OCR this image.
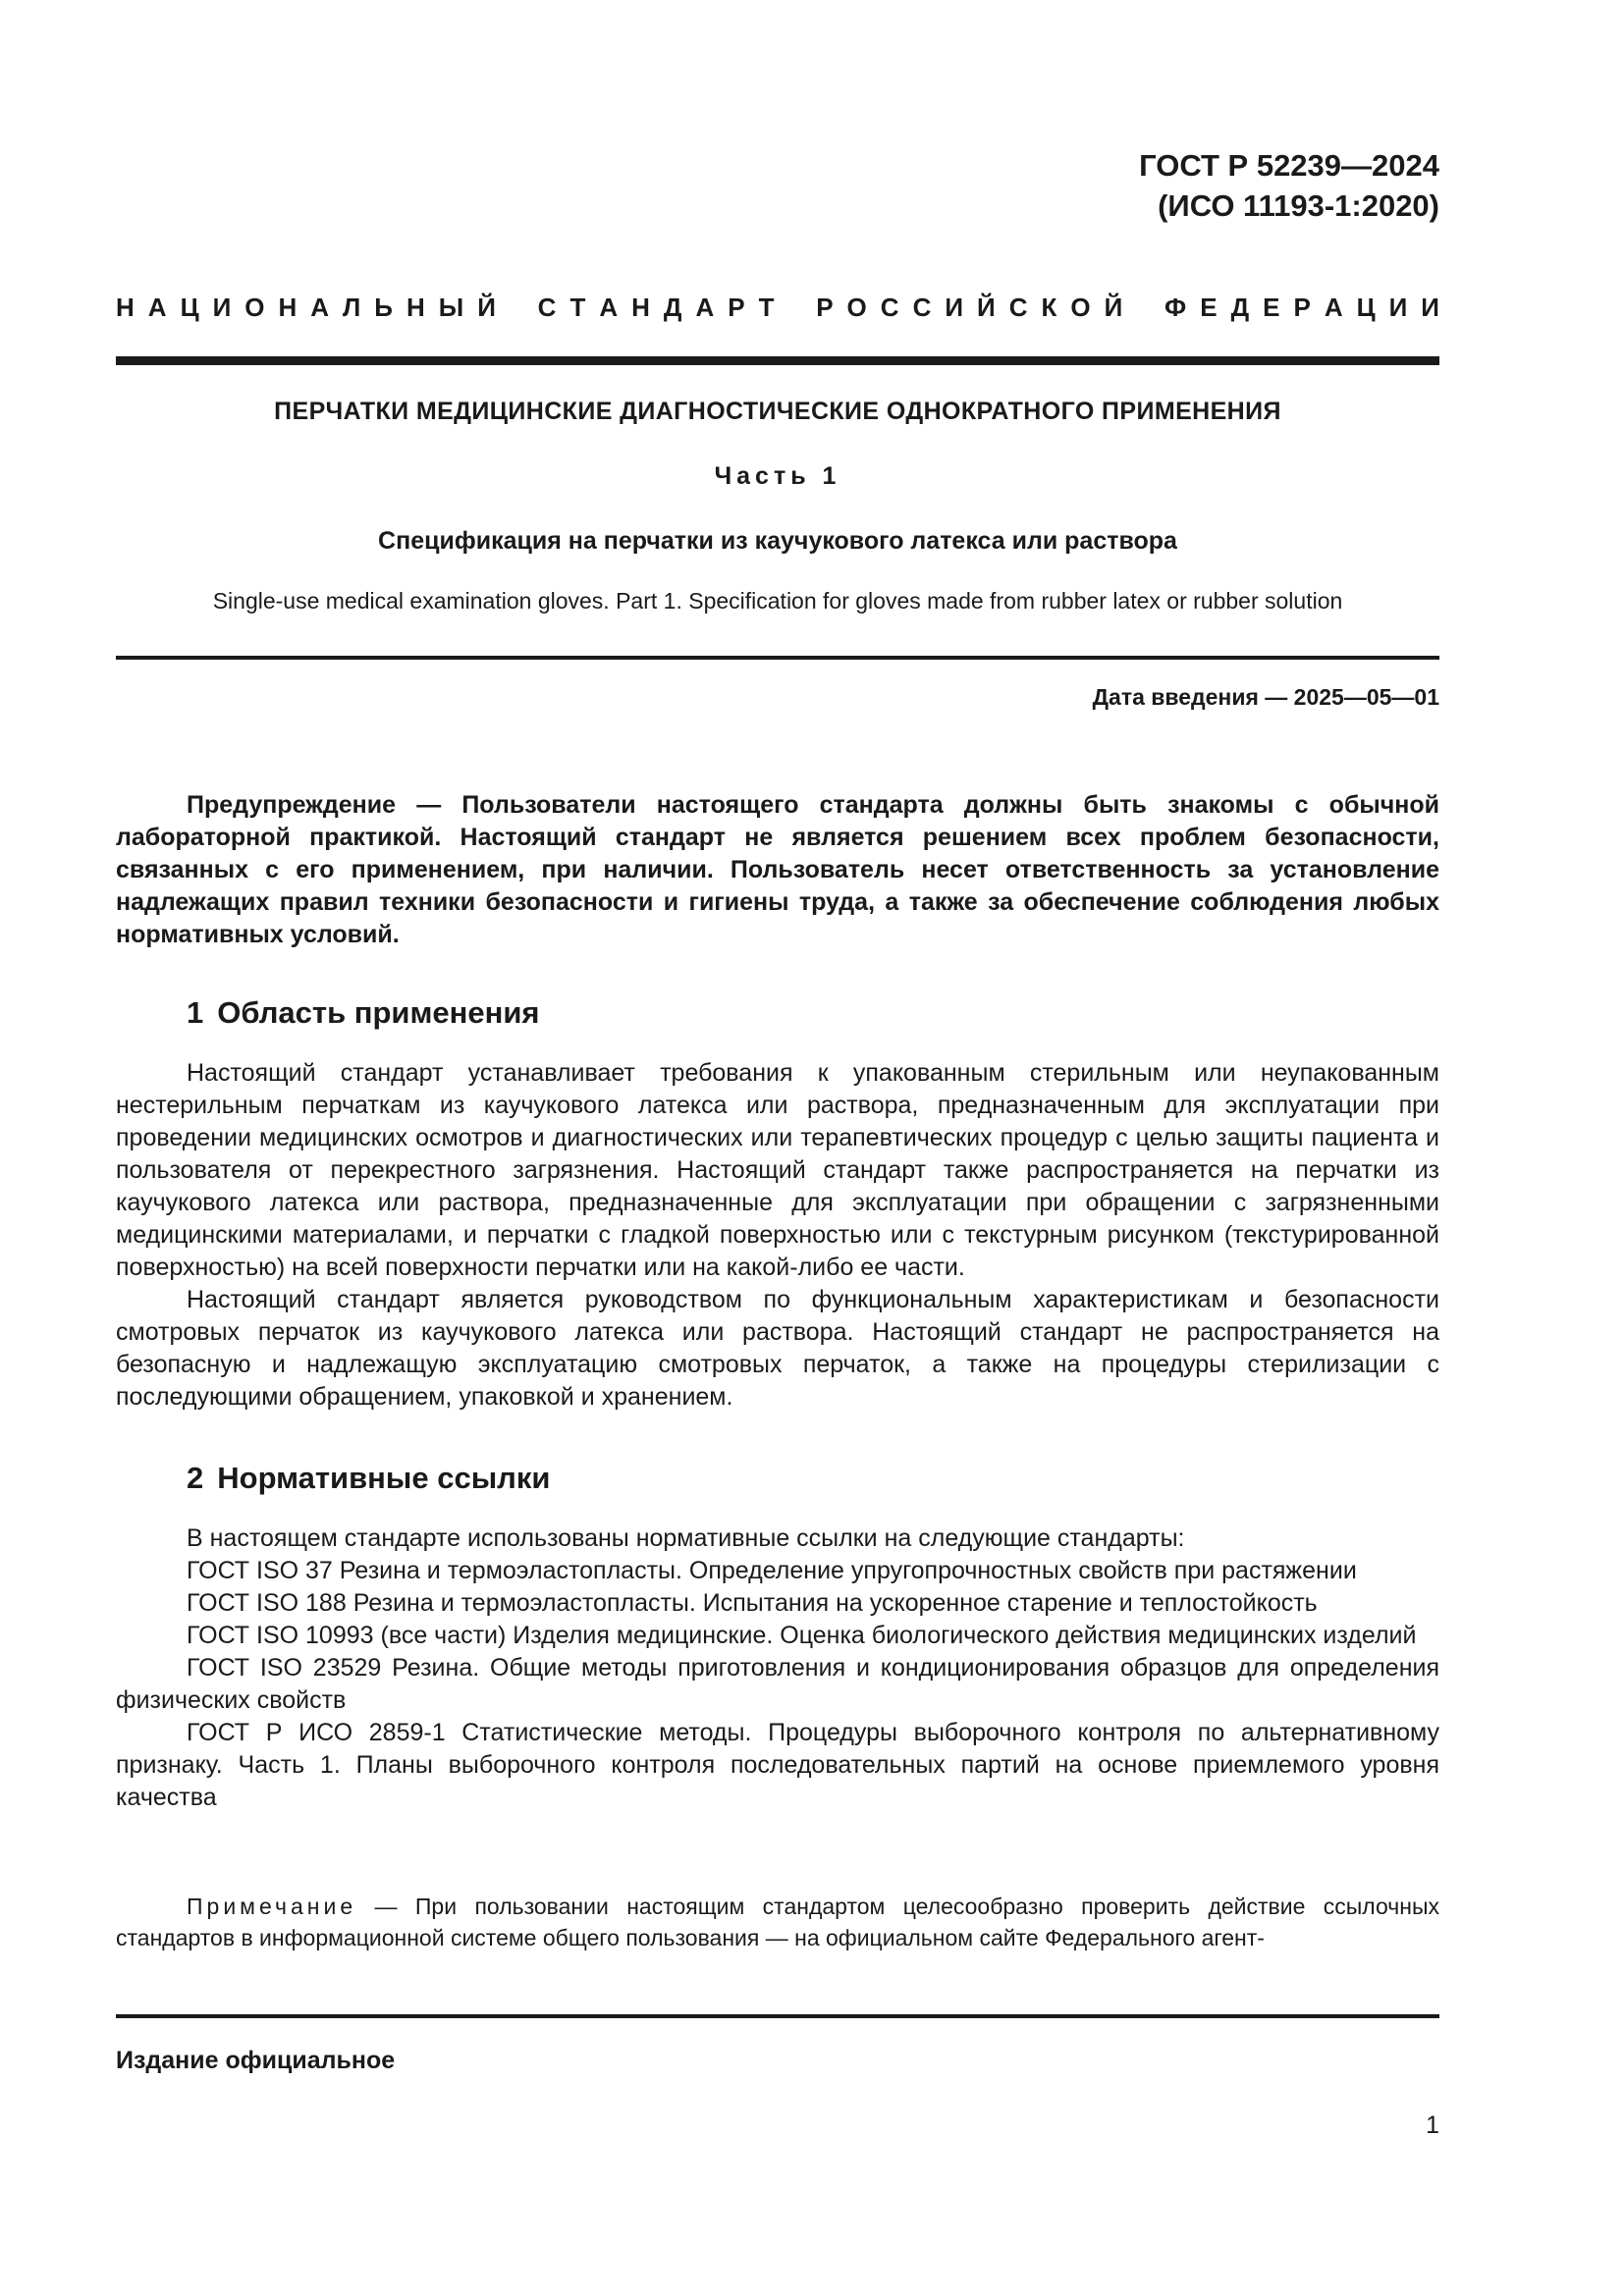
ГОСТ Р 52239—2024
(ИСО 11193-1:2020)
Н А Ц И О Н А Л Ь Н Ы Й С Т А Н Д А Р Т Р О С С И Й С К О Й Ф Е Д Е Р А Ц И И
ПЕРЧАТКИ МЕДИЦИНСКИЕ ДИАГНОСТИЧЕСКИЕ ОДНОКРАТНОГО ПРИМЕНЕНИЯ
Часть 1
Спецификация на перчатки из каучукового латекса или раствора
Single-use medical examination gloves. Part 1. Specification for gloves made from rubber latex or rubber solution
Дата введения — 2025—05—01

Предупреждение — Пользователи настоящего стандарта должны быть знакомы с обычной лабораторной практикой. Настоящий стандарт не является решением всех проблем безопасности, связанных с его применением, при наличии. Пользователь несет ответственность за установление надлежащих правил техники безопасности и гигиены труда, а также за обеспечение соблюдения любых нормативных условий.

1 Область применения

Настоящий стандарт устанавливает требования к упакованным стерильным или неупакованным нестерильным перчаткам из каучукового латекса или раствора, предназначенным для эксплуатации при проведении медицинских осмотров и диагностических или терапевтических процедур с целью защиты пациента и пользователя от перекрестного загрязнения. Настоящий стандарт также распространяется на перчатки из каучукового латекса или раствора, предназначенные для эксплуатации при обращении с загрязненными медицинскими материалами, и перчатки с гладкой поверхностью или с текстурным рисунком (текстурированной поверхностью) на всей поверхности перчатки или на какой-либо ее части.

Настоящий стандарт является руководством по функциональным характеристикам и безопасности смотровых перчаток из каучукового латекса или раствора. Настоящий стандарт не распространяется на безопасную и надлежащую эксплуатацию смотровых перчаток, а также на процедуры стерилизации с последующими обращением, упаковкой и хранением.

2 Нормативные ссылки

В настоящем стандарте использованы нормативные ссылки на следующие стандарты:

ГОСТ ISO 37 Резина и термоэластопласты. Определение упругопрочностных свойств при растяжении

ГОСТ ISO 188 Резина и термоэластопласты. Испытания на ускоренное старение и теплостойкость

ГОСТ ISO 10993 (все части) Изделия медицинские. Оценка биологического действия медицинских изделий

ГОСТ ISO 23529 Резина. Общие методы приготовления и кондиционирования образцов для определения физических свойств

ГОСТ Р ИСО 2859-1 Статистические методы. Процедуры выборочного контроля по альтернативному признаку. Часть 1. Планы выборочного контроля последовательных партий на основе приемлемого уровня качества

Примечание — При пользовании настоящим стандартом целесообразно проверить действие ссылочных стандартов в информационной системе общего пользования — на официальном сайте Федерального агент-

Издание официальное
1
